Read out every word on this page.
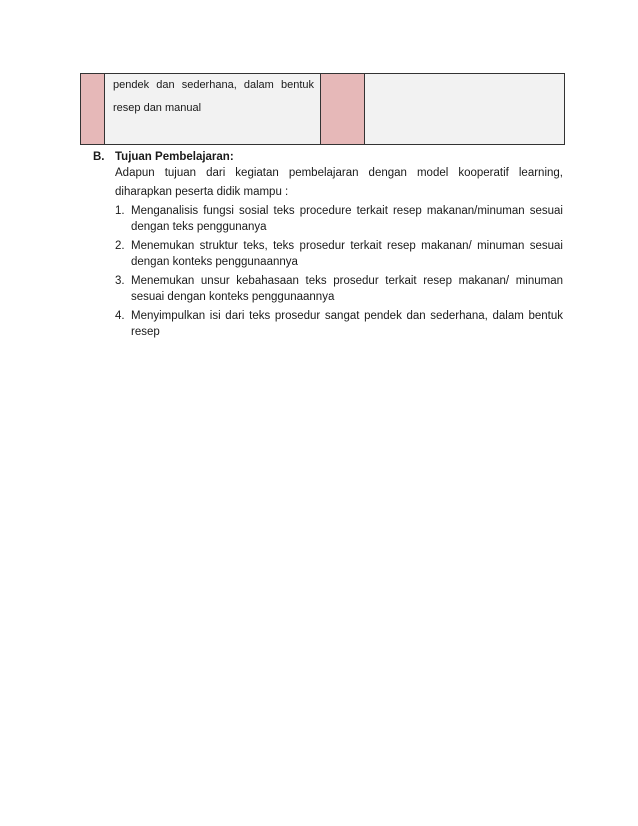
pendek dan sederhana, dalam bentuk
resep dan manual

B. Tujuan Pembelajaran:
Adapun tujuan dari kegiatan pembelajaran dengan model kooperatif learning,
diharapkan peserta didik mampu :
1. Menganalisis fungsi sosial teks procedure terkait resep makanan/minuman sesuai
dengan teks penggunanya
2. Menemukan struktur teks, teks prosedur terkait resep makanan/ minuman sesuai
dengan konteks penggunaannya
3. Menemukan unsur kebahasaan teks prosedur terkait resep makanan/ minuman
sesuai dengan konteks penggunaannya
4. Menyimpulkan isi dari teks prosedur sangat pendek dan sederhana, dalam bentuk
resep
